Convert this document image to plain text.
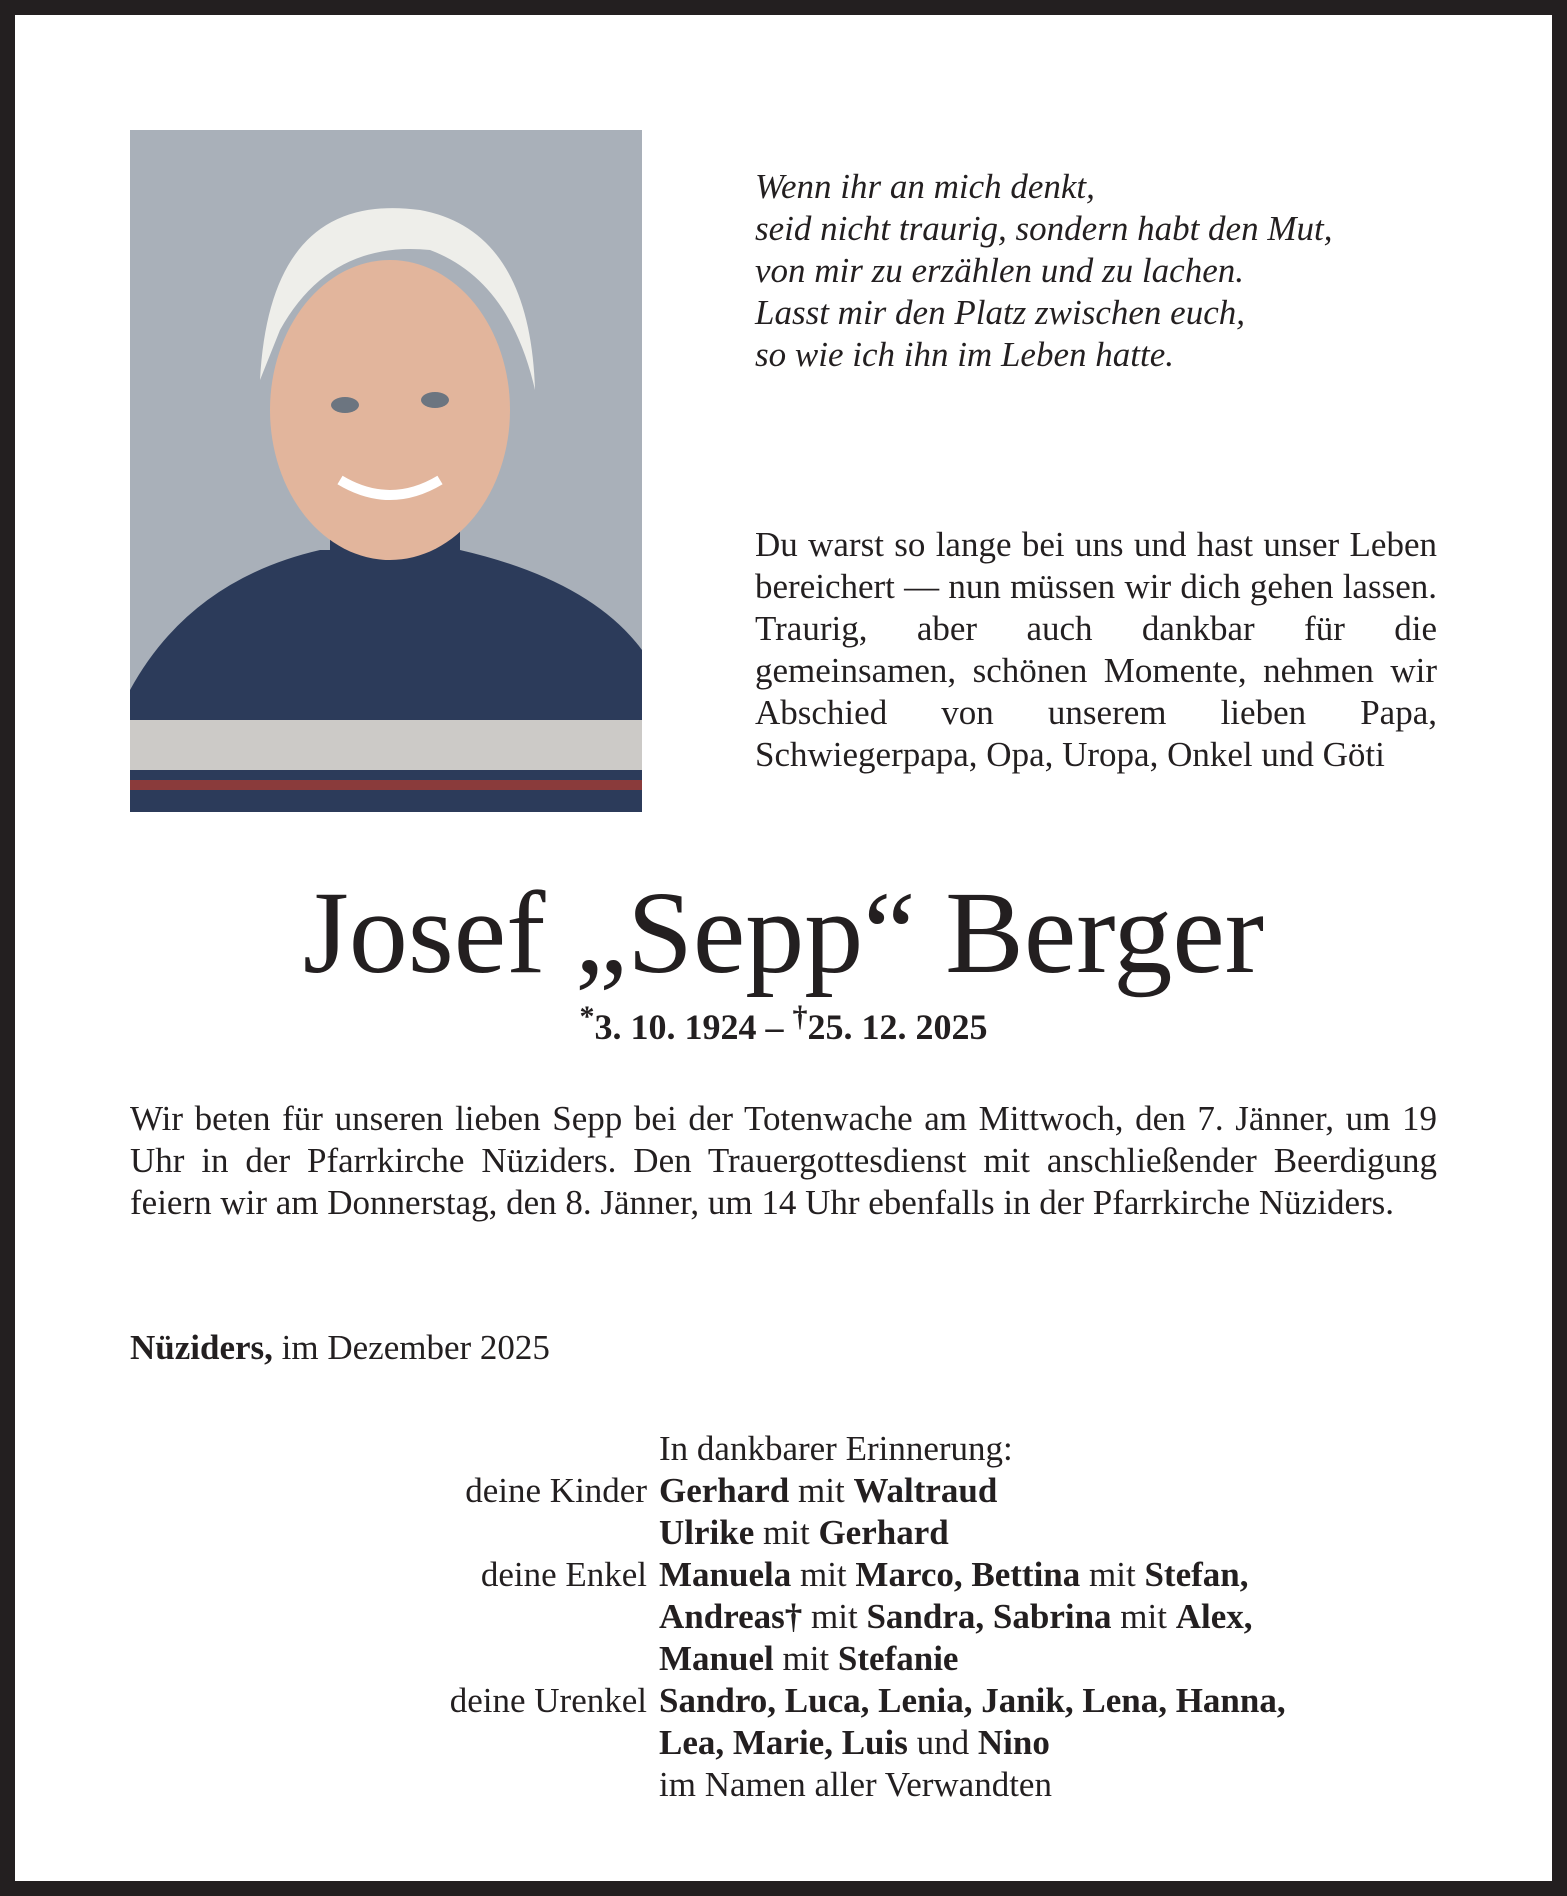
Wenn ihr an mich denkt,

seid nicht traurig, sondern habt den Mut,

von mir zu erzählen und zu lachen.

Lasst mir den Platz zwischen euch,

so wie ich ihn im Leben hatte.

Du warst so lange bei uns und hast unser Leben bereichert — nun müssen wir dich gehen lassen. Traurig, aber auch dankbar für die gemeinsamen, schönen Momente, nehmen wir Abschied von unserem lieben Papa, Schwiegerpapa, Opa, Uropa, Onkel und Göti

Josef „Sepp“ Berger
*3. 10. 1924 – †25. 12. 2025

Wir beten für unseren lieben Sepp bei der Totenwache am Mittwoch, den 7. Jänner, um 19 Uhr in der Pfarrkirche Nüziders. Den Trauergottesdienst mit anschließender Beerdigung feiern wir am Donnerstag, den 8. Jänner, um 14 Uhr ebenfalls in der Pfarrkirche Nüziders.

Nüziders, im Dezember 2025
In dankbarer Erinnerung:
deine Kinder Gerhard mit Waltraud
Ulrike mit Gerhard
deine Enkel Manuela mit Marco, Bettina mit Stefan,
Andreas† mit Sandra, Sabrina mit Alex,
Manuel mit Stefanie
deine Urenkel Sandro, Luca, Lenia, Janik, Lena, Hanna,
Lea, Marie, Luis und Nino
im Namen aller Verwandten
